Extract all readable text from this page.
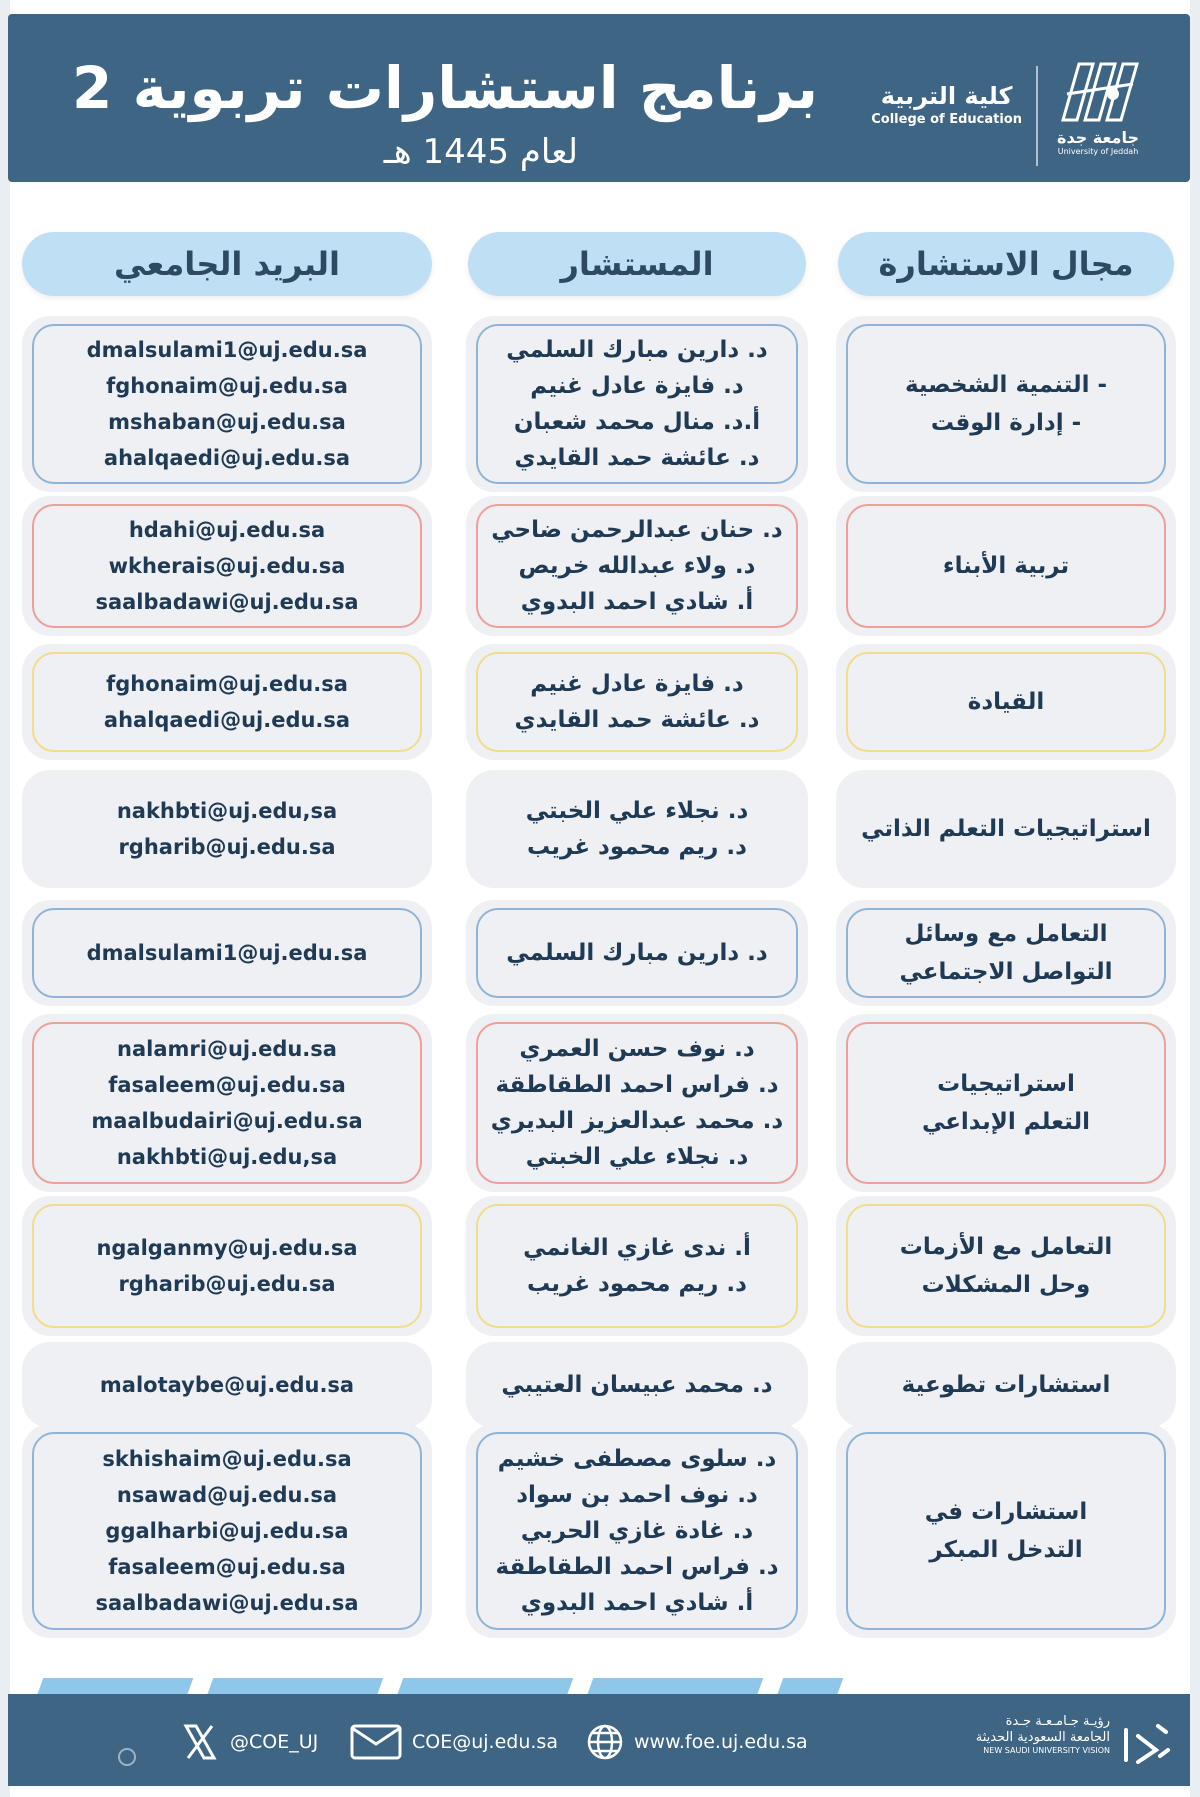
برنامج استشارات تربوية 2
لعام 1445 هـ
كلية التربية
College of Education
جامعة جدة
University of Jeddah
مجال الاستشارة
المستشار
البريد الجامعي
- التنمية الشخصية
- إدارة الوقت
د. دارين مبارك السلمي
د. فايزة عادل غنيم
أ.د. منال محمد شعبان
د. عائشة حمد القايدي
dmalsulami1@uj.edu.sa
fghonaim@uj.edu.sa
mshaban@uj.edu.sa
ahalqaedi@uj.edu.sa
تربية الأبناء
د. حنان عبدالرحمن ضاحي
د. ولاء عبدالله خريص
أ. شادي احمد البدوي
hdahi@uj.edu.sa
wkherais@uj.edu.sa
saalbadawi@uj.edu.sa
القيادة
د. فايزة عادل غنيم
د. عائشة حمد القايدي
fghonaim@uj.edu.sa
ahalqaedi@uj.edu.sa
استراتيجيات التعلم الذاتي
د. نجلاء علي الخبتي
د. ريم محمود غريب
nakhbti@uj.edu,sa
rgharib@uj.edu.sa
التعامل مع وسائل
التواصل الاجتماعي
د. دارين مبارك السلمي
dmalsulami1@uj.edu.sa
استراتيجيات
التعلم الإبداعي
د. نوف حسن العمري
د. فراس احمد الطقاطقة
د. محمد عبدالعزيز البديري
د. نجلاء علي الخبتي
nalamri@uj.edu.sa
fasaleem@uj.edu.sa
maalbudairi@uj.edu.sa
nakhbti@uj.edu,sa
التعامل مع الأزمات
وحل المشكلات
أ. ندى غازي الغانمي
د. ريم محمود غريب
ngalganmy@uj.edu.sa
rgharib@uj.edu.sa
استشارات تطوعية
د. محمد عبيسان العتيبي
malotaybe@uj.edu.sa
استشارات في
التدخل المبكر
د. سلوى مصطفى خشيم
د. نوف احمد بن سواد
د. غادة غازي الحربي
د. فراس احمد الطقاطقة
أ. شادي احمد البدوي
skhishaim@uj.edu.sa
nsawad@uj.edu.sa
ggalharbi@uj.edu.sa
fasaleem@uj.edu.sa
saalbadawi@uj.edu.sa
@COE_UJ	COE@uj.edu.sa	www.foe.uj.edu.sa
رؤيـة جـامـعـة جـدة
الجامعة السعودية الحديثة
NEW SAUDI UNIVERSITY VISION
